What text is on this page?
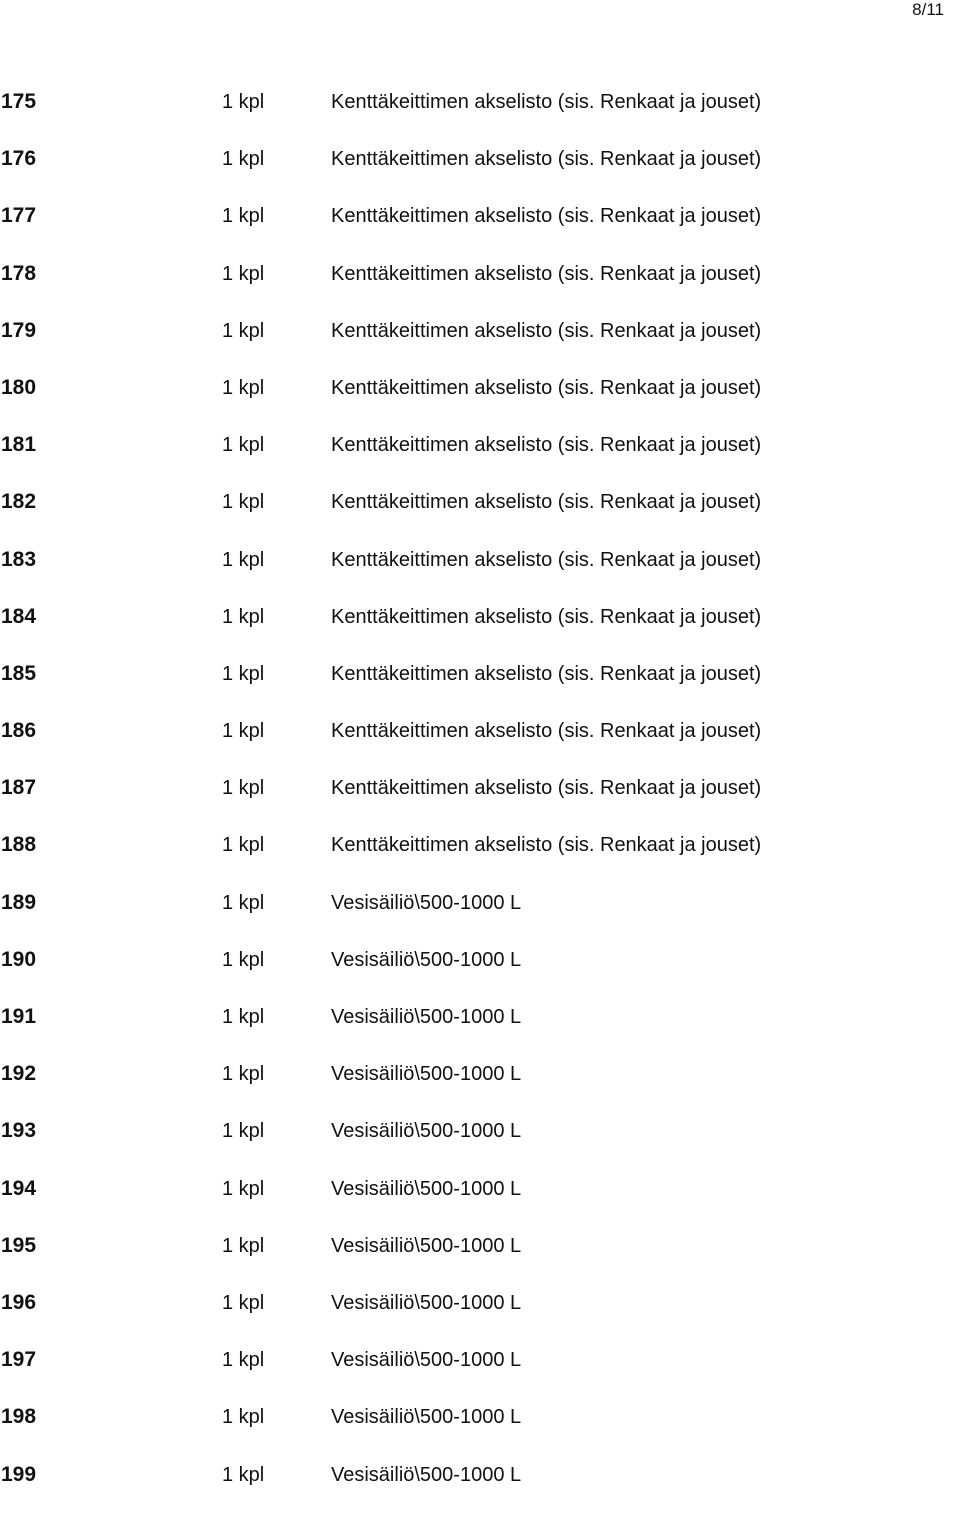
8/11
175	1 kpl	Kenttäkeittimen akselisto (sis. Renkaat ja jouset)
176	1 kpl	Kenttäkeittimen akselisto (sis. Renkaat ja jouset)
177	1 kpl	Kenttäkeittimen akselisto (sis. Renkaat ja jouset)
178	1 kpl	Kenttäkeittimen akselisto (sis. Renkaat ja jouset)
179	1 kpl	Kenttäkeittimen akselisto (sis. Renkaat ja jouset)
180	1 kpl	Kenttäkeittimen akselisto (sis. Renkaat ja jouset)
181	1 kpl	Kenttäkeittimen akselisto (sis. Renkaat ja jouset)
182	1 kpl	Kenttäkeittimen akselisto (sis. Renkaat ja jouset)
183	1 kpl	Kenttäkeittimen akselisto (sis. Renkaat ja jouset)
184	1 kpl	Kenttäkeittimen akselisto (sis. Renkaat ja jouset)
185	1 kpl	Kenttäkeittimen akselisto (sis. Renkaat ja jouset)
186	1 kpl	Kenttäkeittimen akselisto (sis. Renkaat ja jouset)
187	1 kpl	Kenttäkeittimen akselisto (sis. Renkaat ja jouset)
188	1 kpl	Kenttäkeittimen akselisto (sis. Renkaat ja jouset)
189	1 kpl	Vesisäiliö\500-1000 L
190	1 kpl	Vesisäiliö\500-1000 L
191	1 kpl	Vesisäiliö\500-1000 L
192	1 kpl	Vesisäiliö\500-1000 L
193	1 kpl	Vesisäiliö\500-1000 L
194	1 kpl	Vesisäiliö\500-1000 L
195	1 kpl	Vesisäiliö\500-1000 L
196	1 kpl	Vesisäiliö\500-1000 L
197	1 kpl	Vesisäiliö\500-1000 L
198	1 kpl	Vesisäiliö\500-1000 L
199	1 kpl	Vesisäiliö\500-1000 L
